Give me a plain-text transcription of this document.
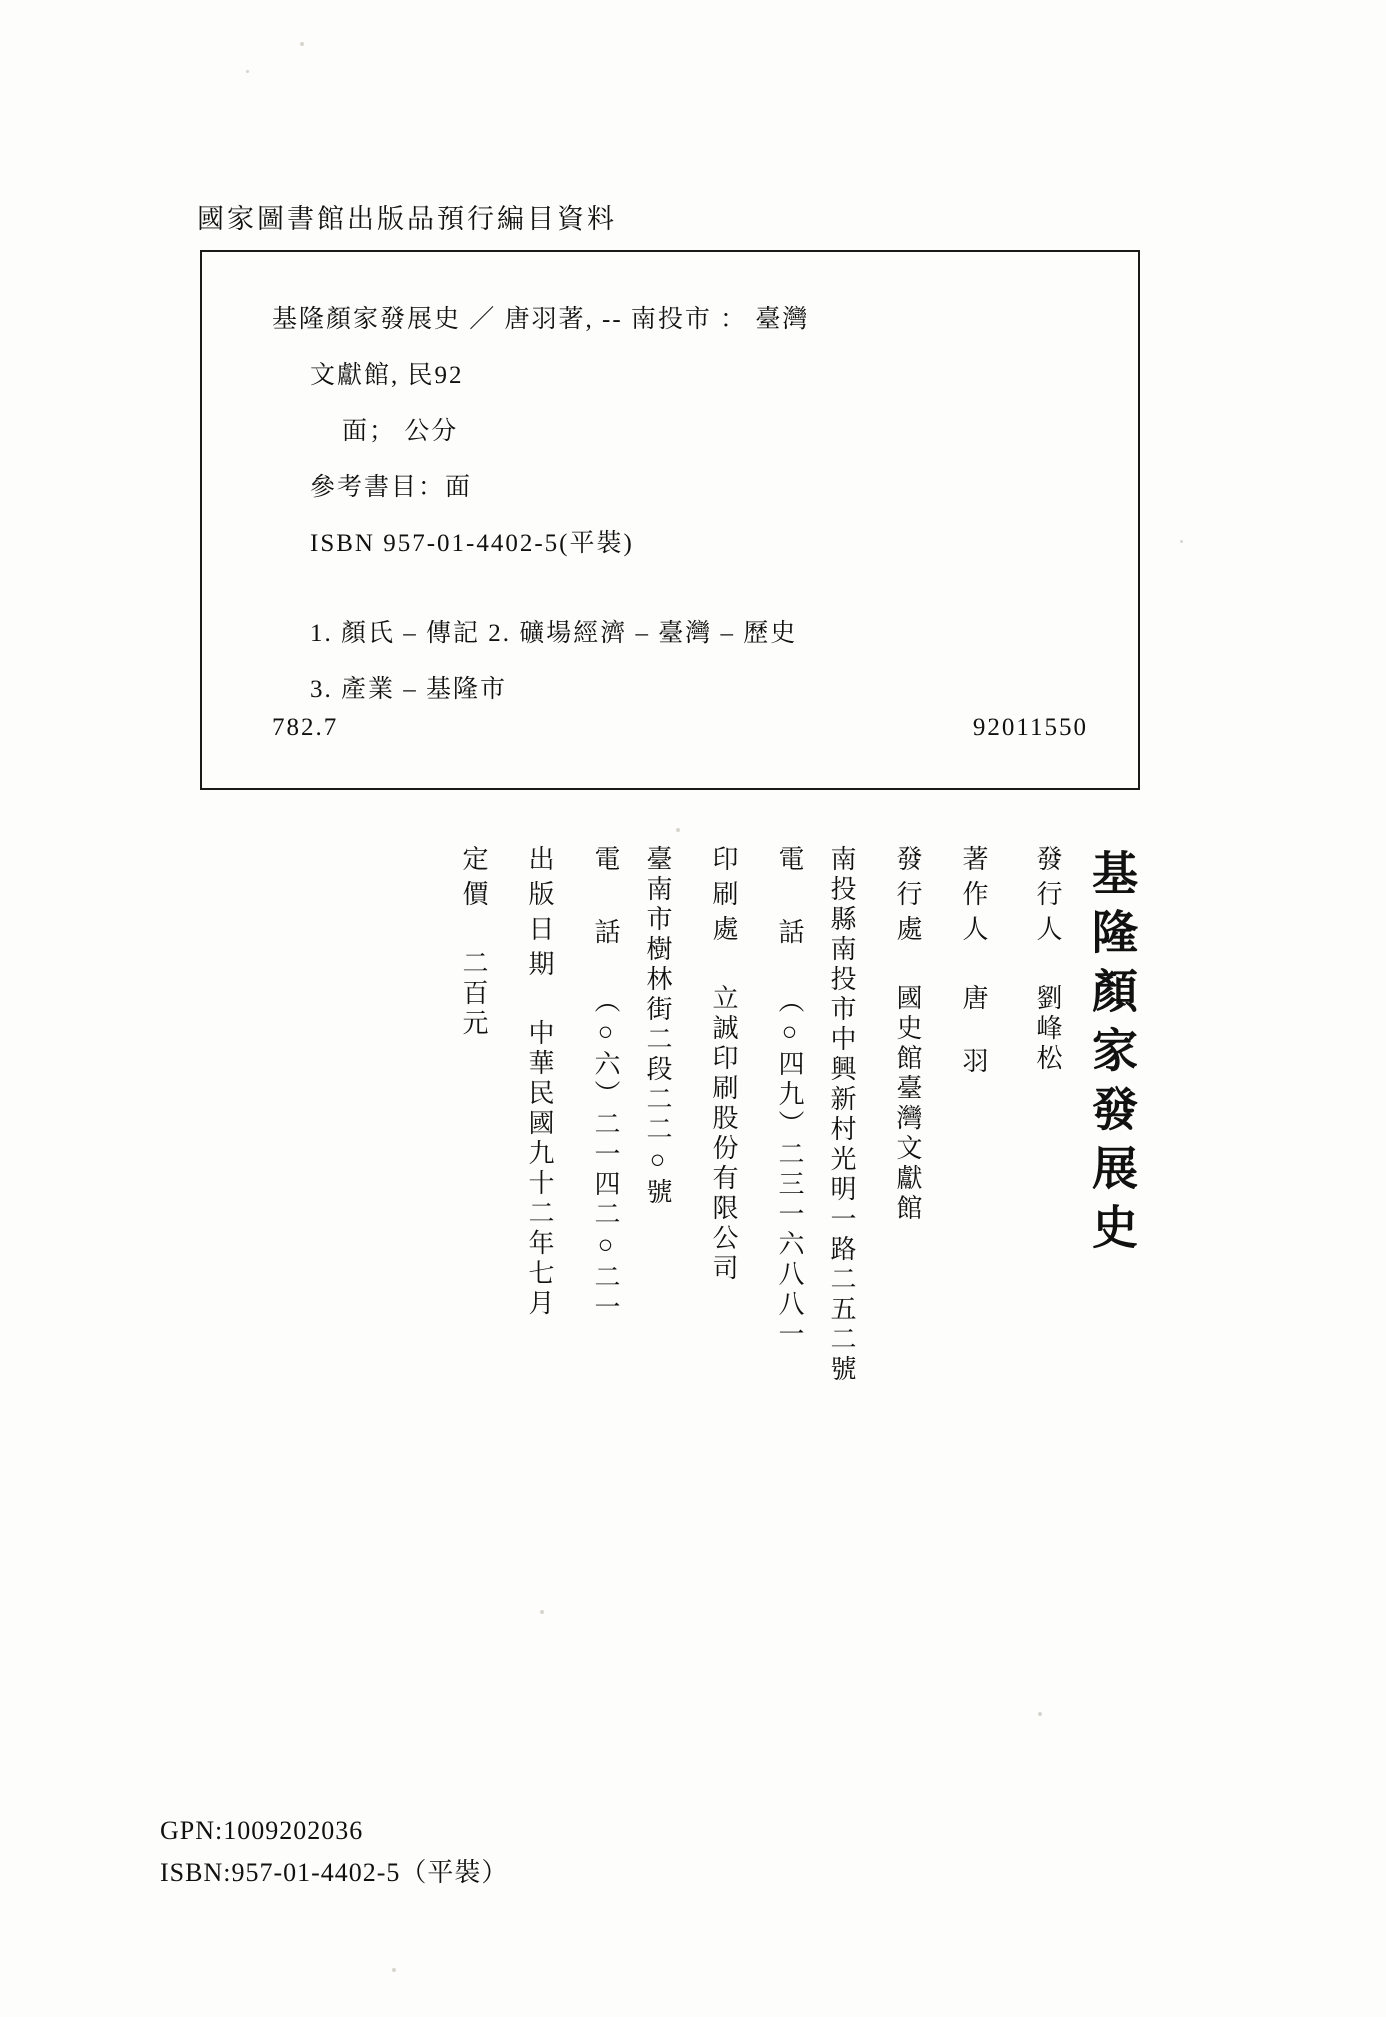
國家圖書館出版品預行編目資料
基隆顏家發展史 ／ 唐羽著, -- 南投市 ： 臺灣
文獻館, 民92
面； 公分
參考書目：面
ISBN 957-01-4402-5(平裝)
1. 顏氏 – 傳記 2. 礦場經濟 – 臺灣 – 歷史
3. 產業 – 基隆市
782.7	92011550
基隆顏家發展史
發行人 劉峰松
著作人 唐 羽
發行處 國史館臺灣文獻館
南投縣南投市中興新村光明一路二五二號
電 話 （○四九）二三一六八八一
印刷處 立誠印刷股份有限公司
臺南市樹林街二段二二○號
電 話 （○六）二一四二○二一
出版日期 中華民國九十二年七月
定價 二百元
GPN:1009202036
ISBN:957-01-4402-5（平裝）
